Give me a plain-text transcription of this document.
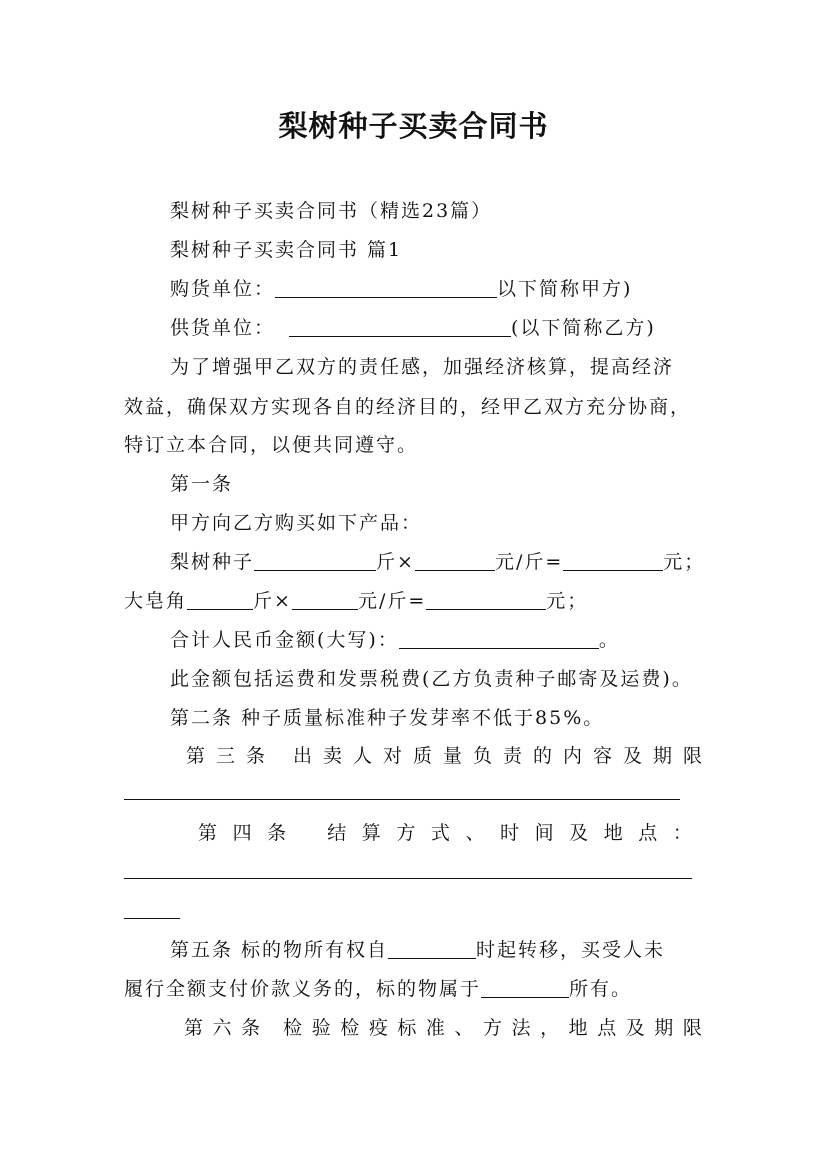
梨树种子买卖合同书
梨树种子买卖合同书（精选23篇）
梨树种子买卖合同书 篇1
购货单位：	以下简称甲方)
供货单位：	(以下简称乙方)
为了增强甲乙双方的责任感，加强经济核算，提高经济
效益，确保双方实现各自的经济目的，经甲乙双方充分协商，
特订立本合同，以便共同遵守。
第一条
甲方向乙方购买如下产品：
梨树种子	斤×	元/斤=	元；
大皂角	斤×	元/斤=	元；
合计人民币金额(大写)：	。
此金额包括运费和发票税费(乙方负责种子邮寄及运费)。
第二条 种子质量标准种子发芽率不低于85%。
第 三 条 出 卖 人 对 质 量 负 责 的 内 容 及 期 限
第 四 条 结 算 方 式 、 时 间 及 地 点 ：
第五条 标的物所有权自	时起转移，买受人未
履行全额支付价款义务的，标的物属于	所有。
第 六 条 检 验 检 疫 标 准 、 方 法 ， 地 点 及 期 限
